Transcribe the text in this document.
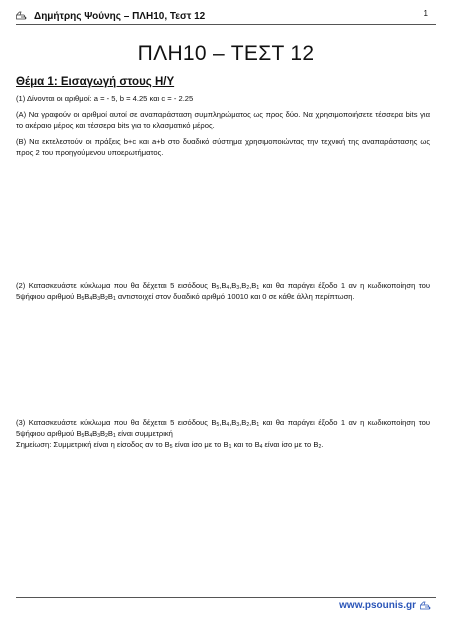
Δημήτρης Ψούνης – ΠΛΗ10, Τεστ 12	1
ΠΛΗ10 – ΤΕΣΤ 12
Θέμα 1: Εισαγωγή στους Η/Υ

(1) Δίνονται οι αριθμοί: a = - 5, b = 4.25 και c = - 2.25

(Α) Να γραφούν οι αριθμοί αυτοί σε αναπαράσταση συμπληρώματος ως προς δύο. Να χρησιμοποιήσετε τέσσερα bits για το ακέραιο μέρος και τέσσερα bits για το κλασματικό μέρος.

(Β) Να εκτελεστούν οι πράξεις b+c και a+b στο δυαδικό σύστημα χρησιμοποιώντας την τεχνική της αναπαράστασης ως προς 2 του προηγούμενου υποερωτήματος.

(2) Κατασκευάστε κύκλωμα που θα δέχεται 5 εισόδους $B_5,B_4,B_3,B_2,B_1$ και θα παράγει έξοδο 1 αν η κωδικοποίηση του 5ψήφιου αριθμού $B_5B_4B_3B_2B_1$ αντιστοιχεί στον δυαδικό αριθμό 10010 και 0 σε κάθε άλλη περίπτωση.

(3) Κατασκευάστε κύκλωμα που θα δέχεται 5 εισόδους $B_5,B_4,B_3,B_2,B_1$ και θα παράγει έξοδο 1 αν η κωδικοποίηση του 5ψήφιου αριθμού $B_5B_4B_3B_2B_1$ είναι συμμετρική

Σημείωση: Συμμετρική είναι η είσοδος αν το $B_5$ είναι ίσο με το $B_1$ και το $B_4$ είναι ίσο με το $B_2$.

www.psounis.gr
